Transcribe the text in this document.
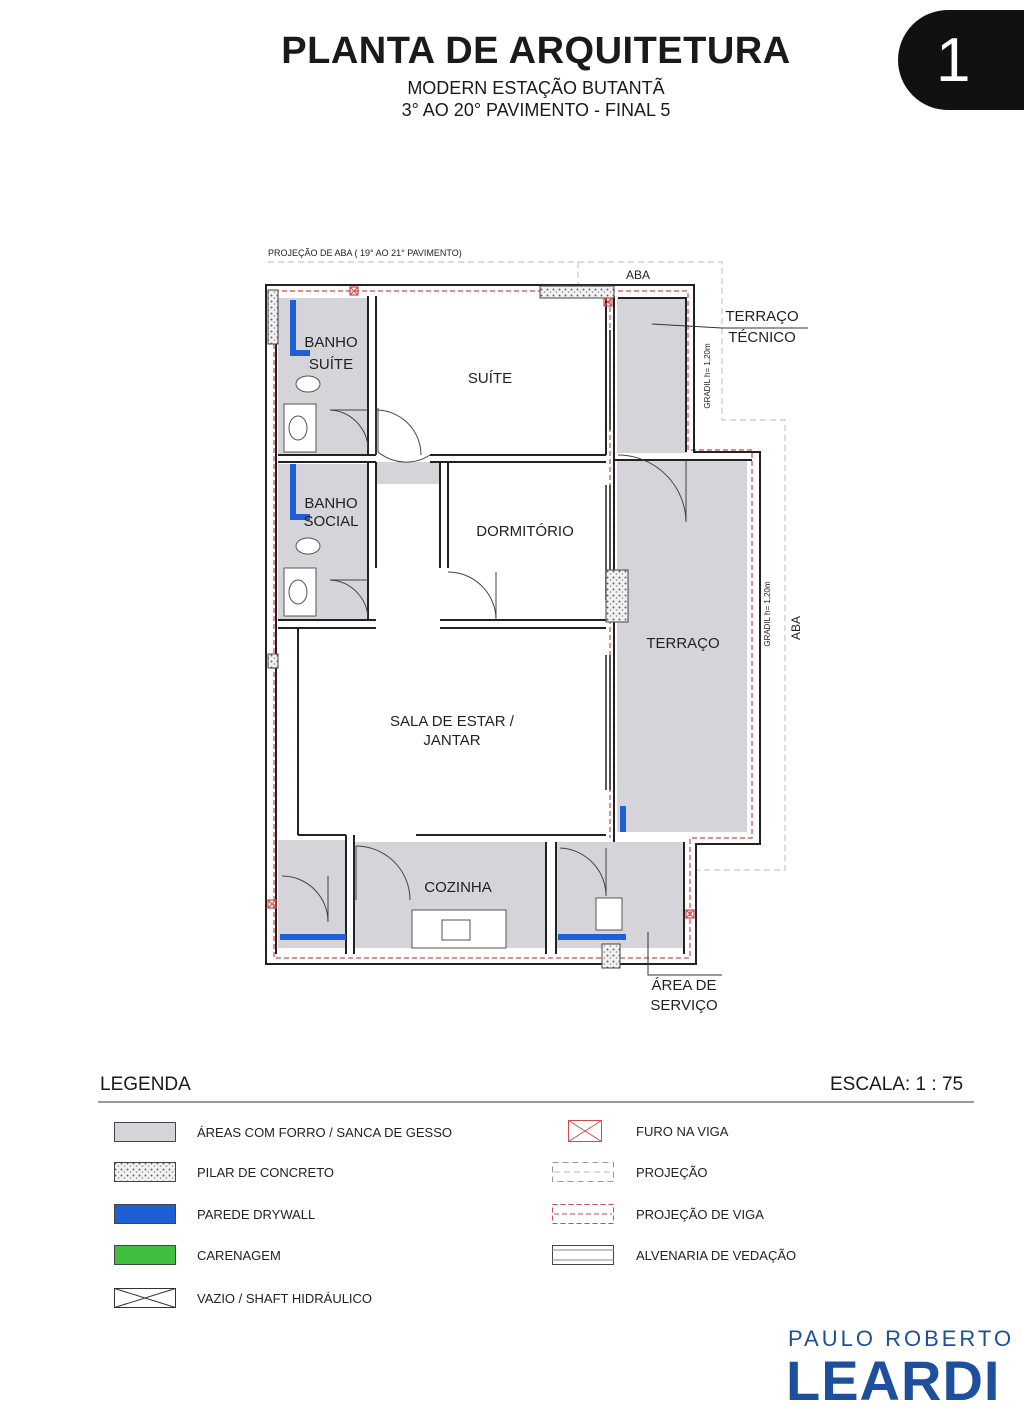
PLANTA DE ARQUITETURA
MODERN ESTAÇÃO BUTANTÃ
3° AO 20° PAVIMENTO - FINAL 5
1
PROJEÇÃO DE ABA ( 19° AO 21° PAVIMENTO)
ABA
ABA
TERRAÇO
TÉCNICO
GRADIL h= 1,20m
GRADIL h= 1,20m
BANHO
SUÍTE
SUÍTE
BANHO
SOCIAL
DORMITÓRIO
TERRAÇO
SALA DE ESTAR /
JANTAR
COZINHA
ÁREA DE
SERVIÇO
LEGENDA	ESCALA: 1 : 75
ÁREAS COM FORRO / SANCA DE GESSO
PILAR DE CONCRETO
PAREDE DRYWALL
CARENAGEM
VAZIO / SHAFT HIDRÁULICO
FURO NA VIGA
PROJEÇÃO
PROJEÇÃO DE VIGA
ALVENARIA DE VEDAÇÃO
PAULO ROBERTO
LEARDI
